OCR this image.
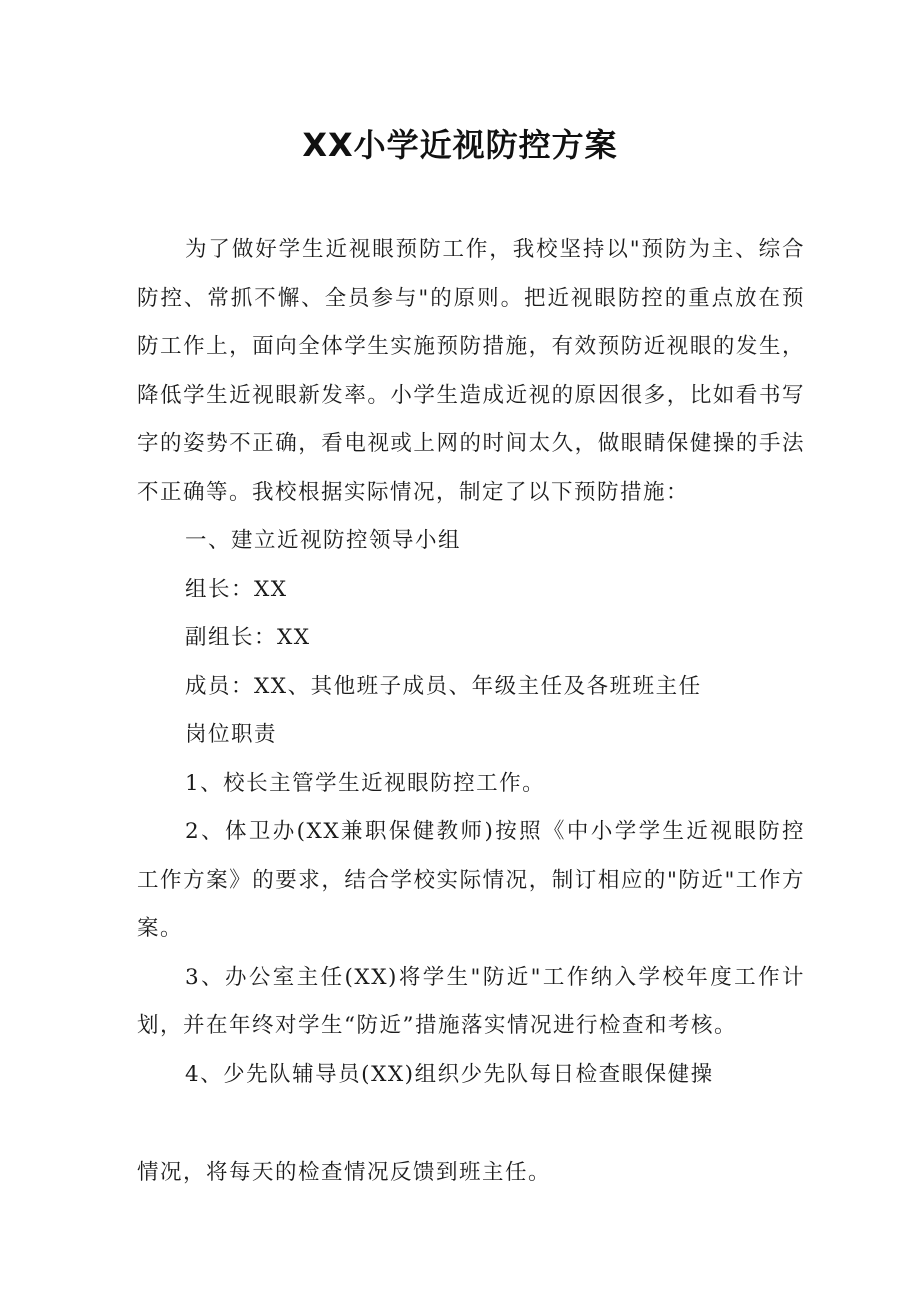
XX小学近视防控方案

为了做好学生近视眼预防工作，我校坚持以"预防为主、综合防控、常抓不懈、全员参与"的原则。把近视眼防控的重点放在预防工作上，面向全体学生实施预防措施，有效预防近视眼的发生，降低学生近视眼新发率。小学生造成近视的原因很多，比如看书写字的姿势不正确，看电视或上网的时间太久，做眼睛保健操的手法不正确等。我校根据实际情况，制定了以下预防措施：

一、建立近视防控领导小组

组长：XX

副组长：XX

成员：XX、其他班子成员、年级主任及各班班主任

岗位职责

1、校长主管学生近视眼防控工作。

2、体卫办(XX兼职保健教师)按照《中小学学生近视眼防控工作方案》的要求，结合学校实际情况，制订相应的"防近"工作方案。

3、办公室主任(XX)将学生"防近"工作纳入学校年度工作计划，并在年终对学生“防近”措施落实情况进行检查和考核。

4、少先队辅导员(XX)组织少先队每日检查眼保健操

情况，将每天的检查情况反馈到班主任。
